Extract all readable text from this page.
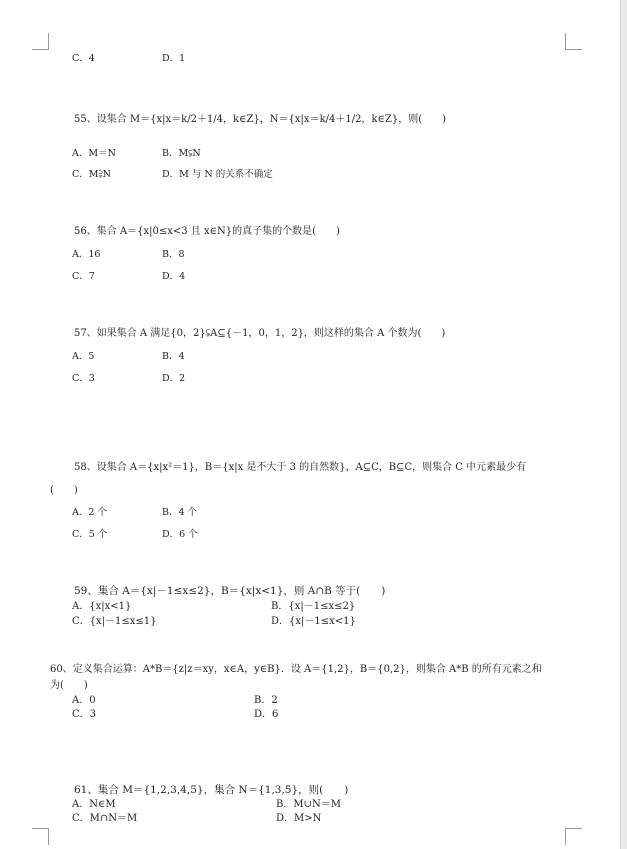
C．4	D．1
55、设集合 M＝{x|x＝k/2＋1/4，k∈Z}，N＝{x|x＝k/4＋1/2，k∈Z}，则(　　)
A．M＝N	B．M⫋N
C．M⫌N	D．M 与 N 的关系不确定
56、集合 A＝{x|0≤x<3 且 x∈N}的真子集的个数是(　　)
A．16	B．8
C．7	D．4
57、如果集合 A 满足{0，2}⫋A⊆{－1，0，1，2}，则这样的集合 A 个数为(　　)
A．5	B．4
C．3	D．2
58、设集合 A＝{x|x²＝1}，B＝{x|x 是不大于 3 的自然数}，A⊆C，B⊆C，则集合 C 中元素最少有
(　　)
A．2 个	B．4 个
C．5 个	D．6 个
59、集合 A＝{x|－1≤x≤2}，B＝{x|x<1}，则 A∩B 等于(　　)
A．{x|x<1}	B．{x|－1≤x≤2}
C．{x|－1≤x≤1}	D．{x|－1≤x<1}
60、定义集合运算：A*B＝{z|z＝xy，x∈A，y∈B}．设 A＝{1,2}，B＝{0,2}，则集合 A*B 的所有元素之和
为(　　)
A．0	B．2
C．3	D．6
61、集合 M＝{1,2,3,4,5}，集合 N＝{1,3,5}，则(　　)
A．N∈M	B．M∪N＝M
C．M∩N＝M	D．M>N
